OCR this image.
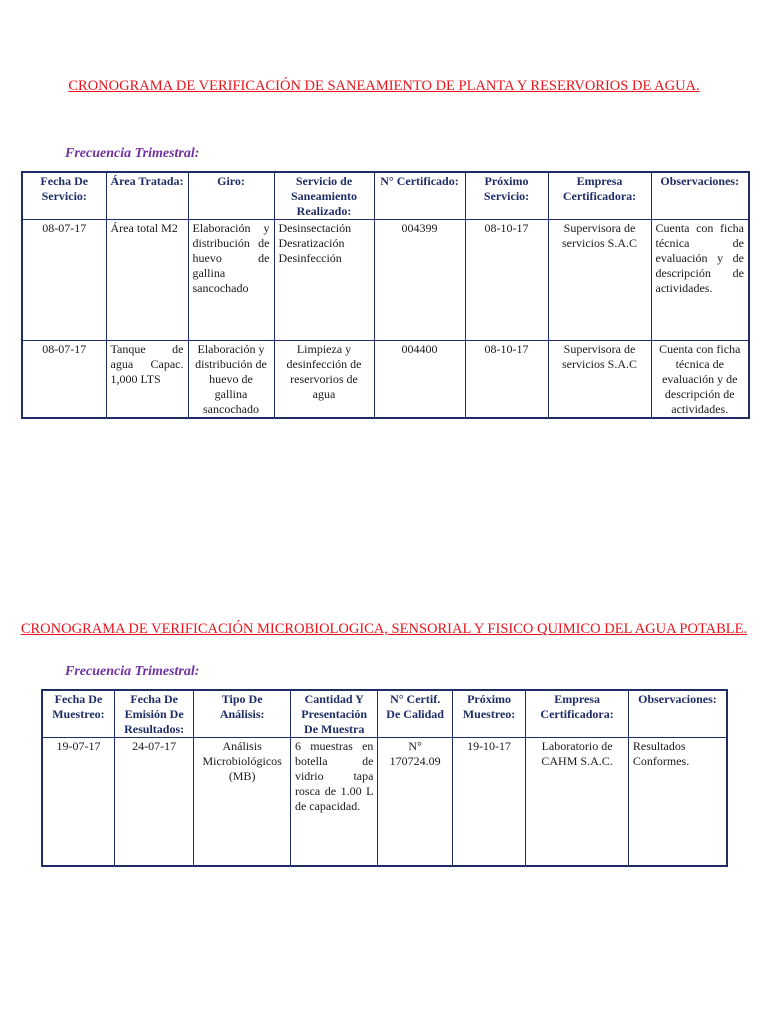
CRONOGRAMA DE VERIFICACIÓN DE SANEAMIENTO DE PLANTA Y RESERVORIOS DE AGUA.
Frecuencia Trimestral:
Fecha De Servicio:	Área Tratada:	Giro:	Servicio de Saneamiento Realizado:	N° Certificado:	Próximo Servicio:	Empresa Certificadora:	Observaciones:
08-07-17	Área total M2	Elaboración y distribución de huevo de gallina sancochado	Desinsectación Desratización Desinfección	004399	08-10-17	Supervisora de servicios S.A.C	Cuenta con ficha técnica de evaluación y de descripción de actividades.
08-07-17	Tanque de agua Capac. 1,000 LTS	Elaboración y distribución de huevo de gallina sancochado	Limpieza y desinfección de reservorios de agua	004400	08-10-17	Supervisora de servicios S.A.C	Cuenta con ficha técnica de evaluación y de descripción de actividades.
CRONOGRAMA DE VERIFICACIÓN MICROBIOLOGICA, SENSORIAL Y FISICO QUIMICO DEL AGUA POTABLE.
Frecuencia Trimestral:
Fecha De Muestreo:	Fecha De Emisión De Resultados:	Tipo De Análisis:	Cantidad Y Presentación De Muestra	N° Certif. De Calidad	Próximo Muestreo:	Empresa Certificadora:	Observaciones:
19-07-17	24-07-17	Análisis Microbiológicos (MB)	6 muestras en botella de vidrio tapa rosca de 1.00 L de capacidad.	N° 170724.09	19-10-17	Laboratorio de CAHM S.A.C.	Resultados Conformes.
